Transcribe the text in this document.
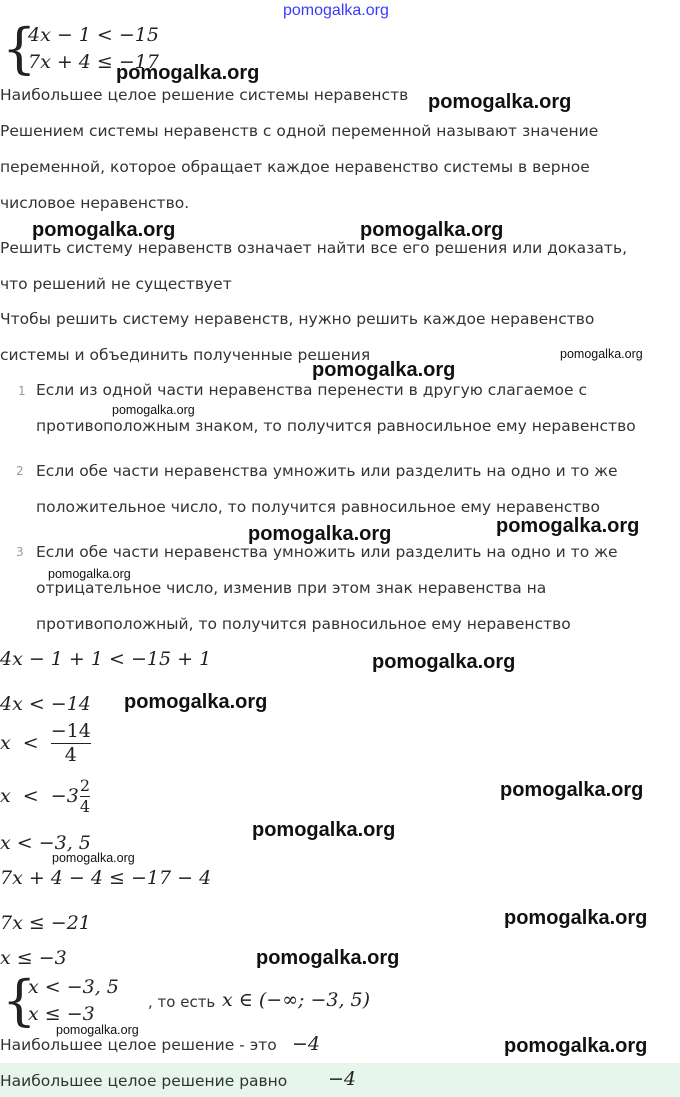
pomogalka.org
{
4x − 1 < −15
7x + 4 ≤ −17
pomogalka.org
Наибольшее целое решение системы неравенств pomogalka.org
Решением системы неравенств с одной переменной называют значение
переменной, которое обращает каждое неравенство системы в верное
числовое неравенство.
pomogalka.org	pomogalka.org
Решить систему неравенств означает найти все его решения или доказать,
что решений не существует
Чтобы решить систему неравенств, нужно решить каждое неравенство
системы и объединить полученные решения	pomogalka.org
pomogalka.org
1 Если из одной части неравенства перенести в другую слагаемое с
pomogalka.org
противоположным знаком, то получится равносильное ему неравенство
2 Если обе части неравенства умножить или разделить на одно и то же
положительное число, то получится равносильное ему неравенство
pomogalka.org
pomogalka.org
3 Если обе части неравенства умножить или разделить на одно и то же
pomogalka.org
отрицательное число, изменив при этом знак неравенства на
противоположный, то получится равносильное ему неравенство
4x − 1 + 1 < −15 + 1	pomogalka.org
4x < −14 pomogalka.org
$x < \frac{-14}{4}$
$x < -3 \frac{2}{4}$	pomogalka.org
x < −3, 5
pomogalka.org
pomogalka.org
7x + 4 − 4 ≤ −17 − 4
7x ≤ −21	pomogalka.org
x ≤ −3	pomogalka.org
{
x < −3, 5
x ≤ −3
, то есть x ∈ (−∞; −3, 5)
pomogalka.org
Наибольшее целое решение - это −4	pomogalka.org
Наибольшее целое решение равно −4
